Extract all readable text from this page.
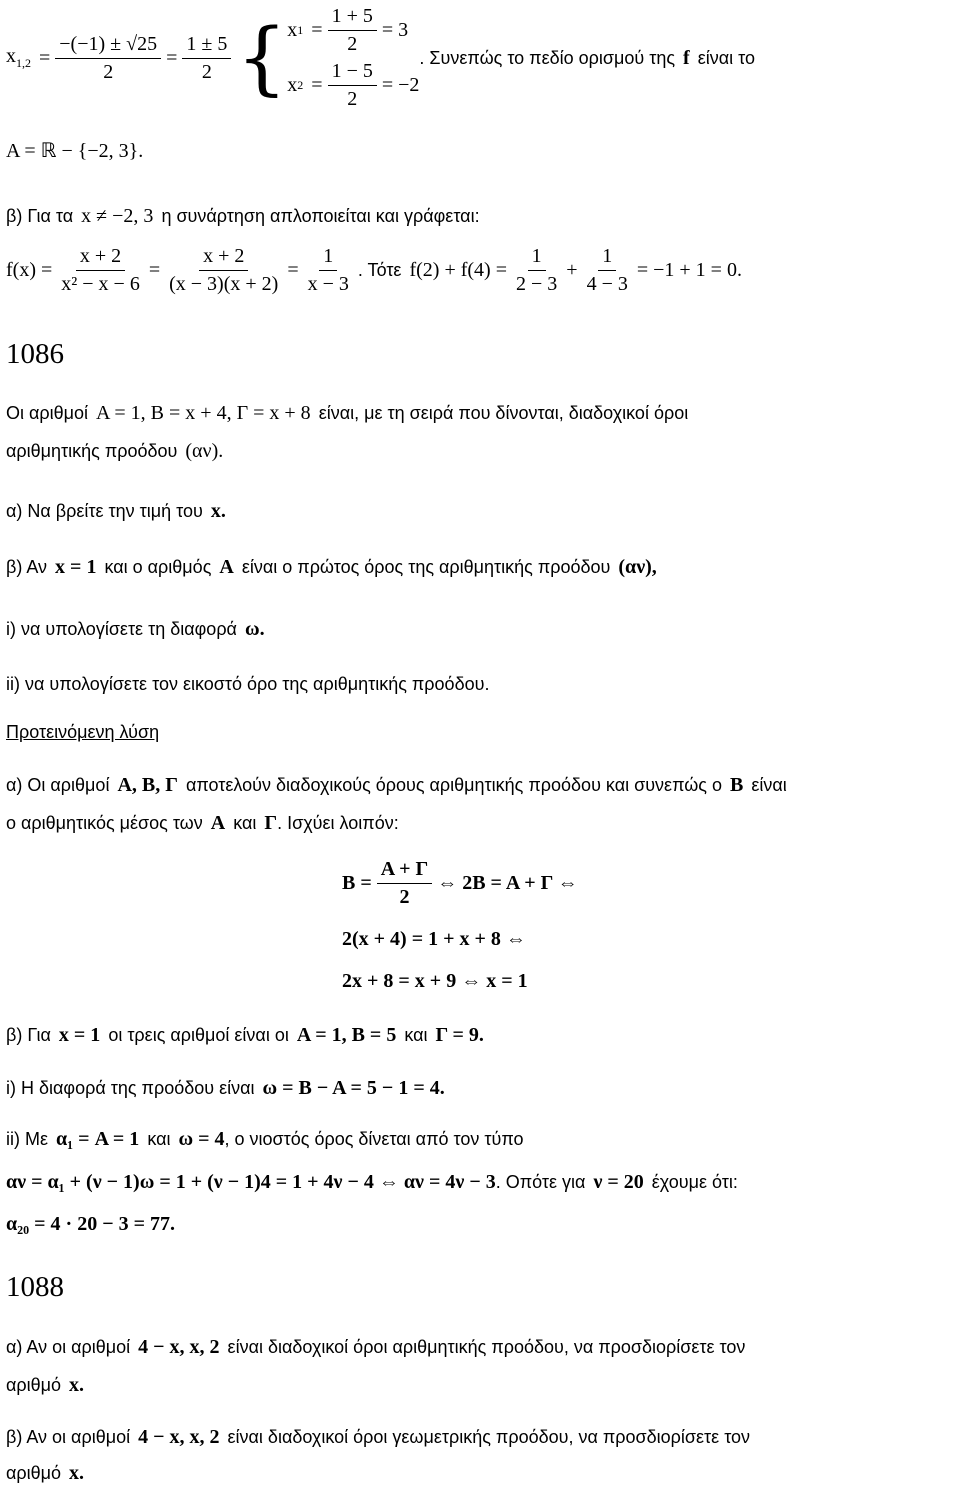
$x_{1,2} = \frac{-(-1) \pm √25}{2} = \frac{1 \pm 5}{2}$ { x $1 = \frac{1 + 5}{2} = 3$
x $2 = \frac{1 - 5}{2} = -2$
. Συνεπώς το πεδίο ορισμού της f είναι το
A = ℝ − {−2, 3}.
β) Για τα x ≠ −2, 3 η συνάρτηση απλοποιείται και γράφεται:
$f(x) = \frac{x + 2}{\text{x² − x − 6}} = \frac{x + 2}{(x - 3)(x + 2)} = \frac{1}{x - 3}$ . Τότε $f(2) + f(4) = \frac{1}{2 - 3} + \frac{1}{4 - 3} = -1 + 1 = 0$.
1086
Οι αριθμοί A = 1, B = x + 4, Γ = x + 8 είναι, με τη σειρά που δίνονται, διαδοχικοί όροι
αριθμητικής προόδου (αν).
α) Να βρείτε την τιμή του x.
β) Αν x = 1 και ο αριθμός A είναι ο πρώτος όρος της αριθμητικής προόδου (αν),
i) να υπολογίσετε τη διαφορά ω.
ii) να υπολογίσετε τον εικοστό όρο της αριθμητικής προόδου.
Προτεινόμενη λύση
α) Οι αριθμοί A, B, Γ αποτελούν διαδοχικούς όρους αριθμητικής προόδου και συνεπώς ο B είναι
ο αριθμητικός μέσος των A και Γ . Ισχύει λοιπόν:
$B = \frac{A + \Gamma}{2}$ ⇔ 2B = A + Γ ⇔
2(x + 4) = 1 + x + 8 ⇔
2x + 8 = x + 9 ⇔ x = 1
β) Για x = 1 οι τρεις αριθμοί είναι οι A = 1, B = 5 και Γ = 9.
i) Η διαφορά της προόδου είναι ω = B − A = 5 − 1 = 4.
ii) Με α₁ = A = 1 και ω = 4 , ο νιοστός όρος δίνεται από τον τύπο
αν = α₁ + (ν − 1)ω = 1 + (ν − 1)4 = 1 + 4ν − 4 ⇔ αν = 4ν − 3 . Οπότε για ν = 20 έχουμε ότι:
α₂₀ = 4 · 20 − 3 = 77.
1088
α) Αν οι αριθμοί 4 − x, x, 2 είναι διαδοχικοί όροι αριθμητικής προόδου, να προσδιορίσετε τον
αριθμό x.
β) Αν οι αριθμοί 4 − x, x, 2 είναι διαδοχικοί όροι γεωμετρικής προόδου, να προσδιορίσετε τον
αριθμό x.
